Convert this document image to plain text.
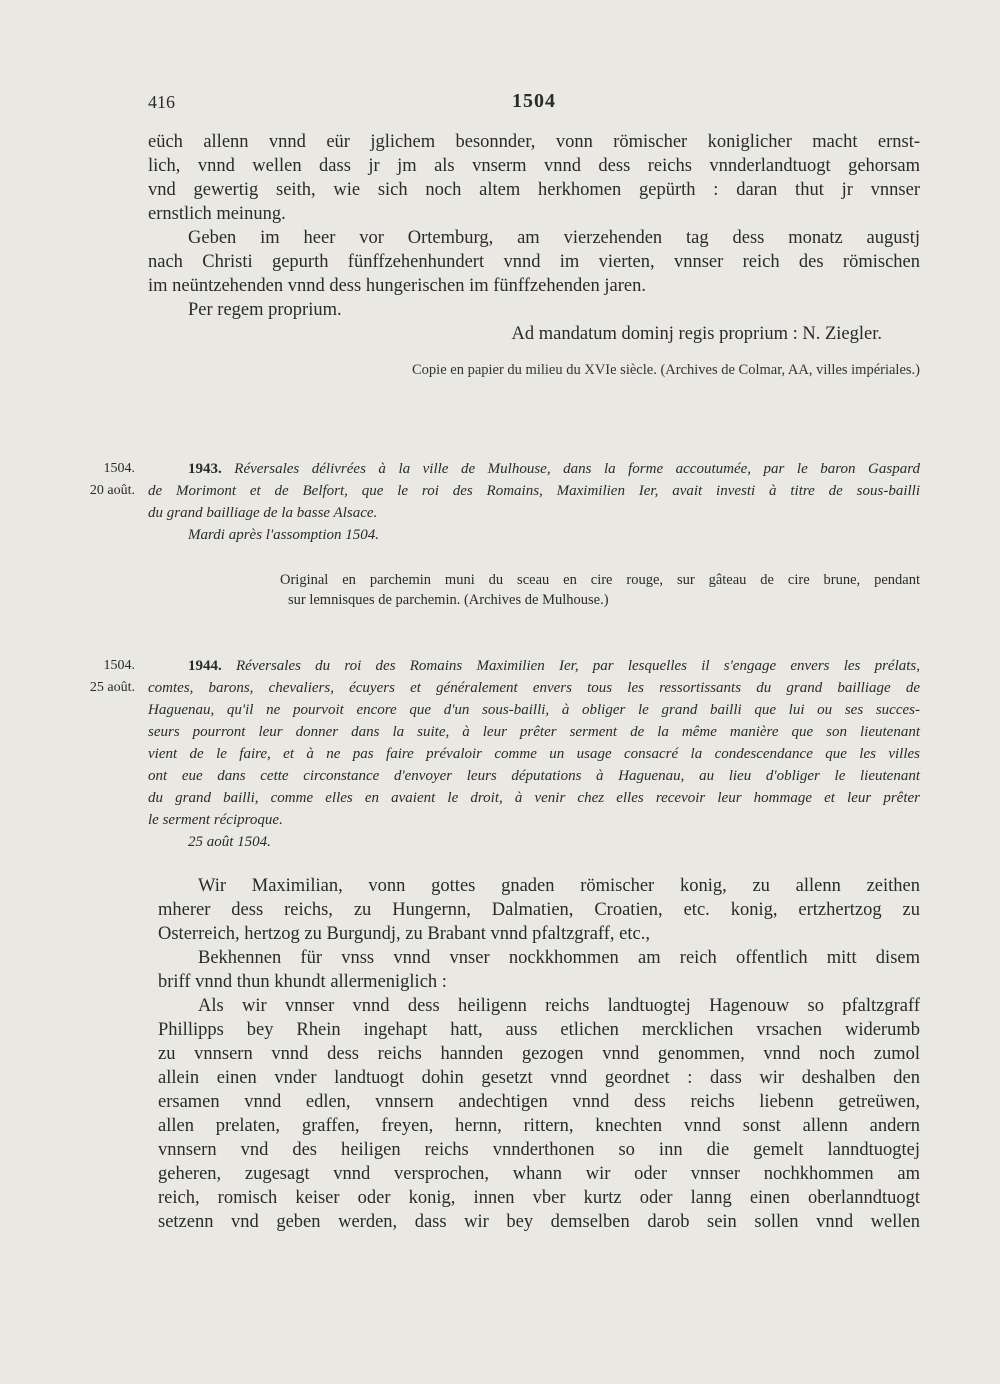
416	1504
eüch allenn vnnd eür jglichem besonnder, vonn römischer koniglicher macht ernst-
lich, vnnd wellen dass jr jm als vnserm vnnd dess reichs vnnderlandtuogt gehorsam
vnd gewertig seith, wie sich noch altem herkhomen gepürth : daran thut jr vnnser
ernstlich meinung.
Geben im heer vor Ortemburg, am vierzehenden tag dess monatz augustj
nach Christi gepurth fünffzehenhundert vnnd im vierten, vnnser reich des römischen
im neüntzehenden vnnd dess hungerischen im fünffzehenden jaren.
Per regem proprium.
Ad mandatum dominj regis proprium : N. Ziegler.
Copie en papier du milieu du XVIe siècle. (Archives de Colmar, AA, villes impériales.)
1504.
20 août.
1943. Réversales délivrées à la ville de Mulhouse, dans la forme accoutumée, par le baron Gaspard
de Morimont et de Belfort, que le roi des Romains, Maximilien Ier, avait investi à titre de sous-bailli
du grand bailliage de la basse Alsace.
Mardi après l'assomption 1504.
Original en parchemin muni du sceau en cire rouge, sur gâteau de cire brune, pendant
sur lemnisques de parchemin. (Archives de Mulhouse.)
1504.
25 août.
1944. Réversales du roi des Romains Maximilien Ier, par lesquelles il s'engage envers les prélats,
comtes, barons, chevaliers, écuyers et généralement envers tous les ressortissants du grand bailliage de
Haguenau, qu'il ne pourvoit encore que d'un sous-bailli, à obliger le grand bailli que lui ou ses succes-
seurs pourront leur donner dans la suite, à leur prêter serment de la même manière que son lieutenant
vient de le faire, et à ne pas faire prévaloir comme un usage consacré la condescendance que les villes
ont eue dans cette circonstance d'envoyer leurs députations à Haguenau, au lieu d'obliger le lieutenant
du grand bailli, comme elles en avaient le droit, à venir chez elles recevoir leur hommage et leur prêter
le serment réciproque.
25 août 1504.
Wir Maximilian, vonn gottes gnaden römischer konig, zu allenn zeithen
mherer dess reichs, zu Hungernn, Dalmatien, Croatien, etc. konig, ertzhertzog zu
Osterreich, hertzog zu Burgundj, zu Brabant vnnd pfaltzgraff, etc.,
Bekhennen für vnss vnnd vnser nockkhommen am reich offentlich mitt disem
briff vnnd thun khundt allermeniglich :
Als wir vnnser vnnd dess heiligenn reichs landtuogtej Hagenouw so pfaltzgraff
Phillipps bey Rhein ingehapt hatt, auss etlichen mercklichen vrsachen widerumb
zu vnnsern vnnd dess reichs hannden gezogen vnnd genommen, vnnd noch zumol
allein einen vnder landtuogt dohin gesetzt vnnd geordnet : dass wir deshalben den
ersamen vnnd edlen, vnnsern andechtigen vnnd dess reichs liebenn getreüwen,
allen prelaten, graffen, freyen, hernn, rittern, knechten vnnd sonst allenn andern
vnnsern vnd des heiligen reichs vnnderthonen so inn die gemelt lanndtuogtej
geheren, zugesagt vnnd versprochen, whann wir oder vnnser nochkhommen am
reich, romisch keiser oder konig, innen vber kurtz oder lanng einen oberlanndtuogt
setzenn vnd geben werden, dass wir bey demselben darob sein sollen vnnd wellen
